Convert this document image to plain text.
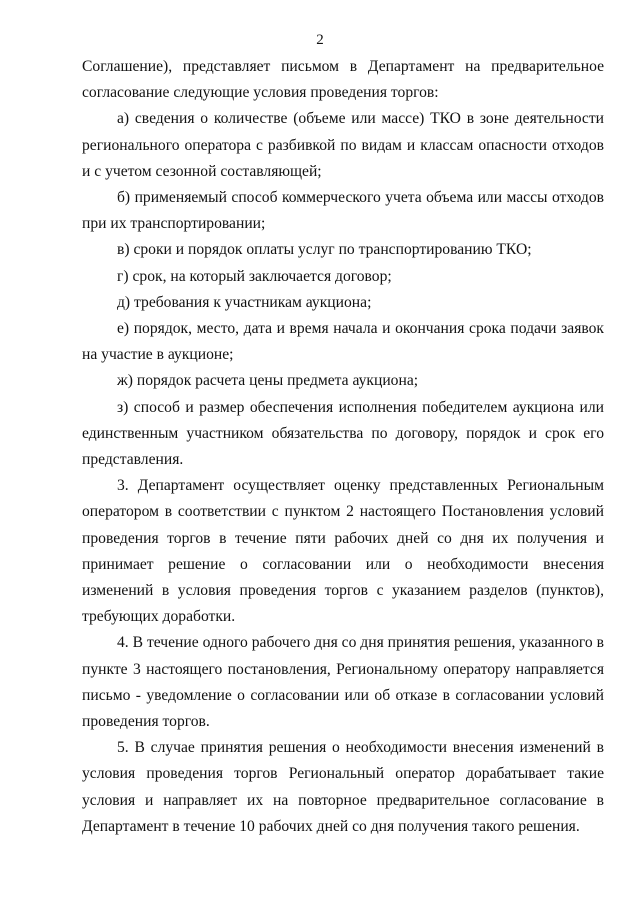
2

Соглашение), представляет письмом в Департамент на предварительное согласование следующие условия проведения торгов:

а) сведения о количестве (объеме или массе) ТКО в зоне деятельности регионального оператора с разбивкой по видам и классам опасности отходов и с учетом сезонной составляющей;

б) применяемый способ коммерческого учета объема или массы отходов при их транспортировании;

в) сроки и порядок оплаты услуг по транспортированию ТКО;

г) срок, на который заключается договор;

д) требования к участникам аукциона;

е) порядок, место, дата и время начала и окончания срока подачи заявок на участие в аукционе;

ж) порядок расчета цены предмета аукциона;

з) способ и размер обеспечения исполнения победителем аукциона или единственным участником обязательства по договору, порядок и срок его представления.

3. Департамент осуществляет оценку представленных Региональным оператором в соответствии с пунктом 2 настоящего Постановления условий проведения торгов в течение пяти рабочих дней со дня их получения и принимает решение о согласовании или о необходимости внесения изменений в условия проведения торгов с указанием разделов (пунктов), требующих доработки.

4. В течение одного рабочего дня со дня принятия решения, указанного в пункте 3 настоящего постановления, Региональному оператору направляется письмо - уведомление о согласовании или об отказе в согласовании условий проведения торгов.

5. В случае принятия решения о необходимости внесения изменений в условия проведения торгов Региональный оператор дорабатывает такие условия и направляет их на повторное предварительное согласование в Департамент в течение 10 рабочих дней со дня получения такого решения.
